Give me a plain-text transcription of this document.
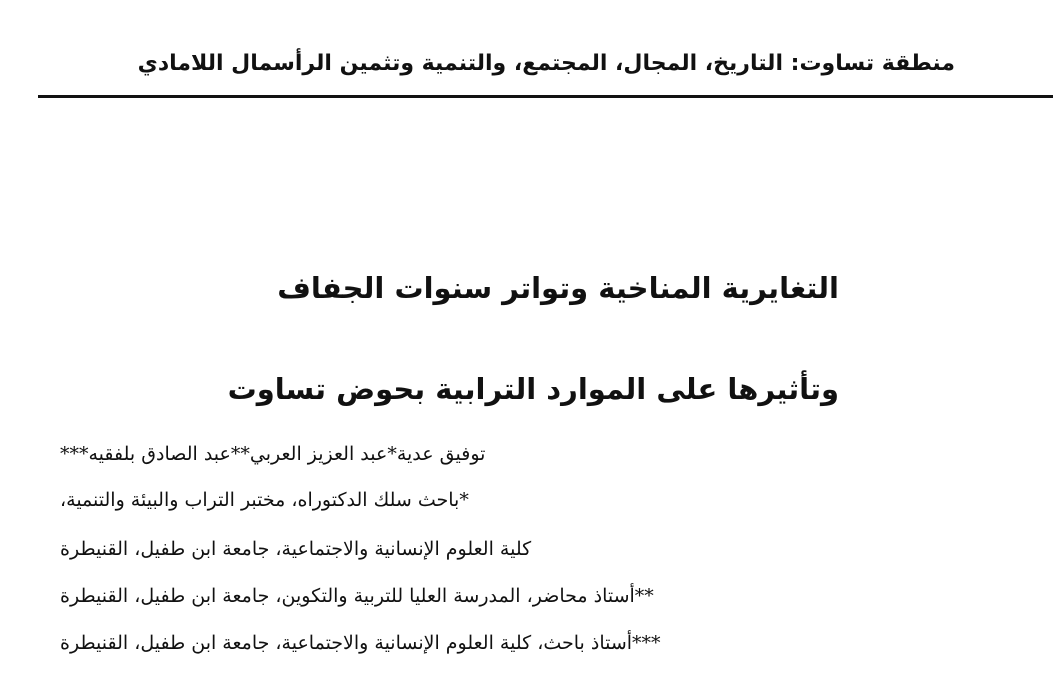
منطقة تساوت: التاريخ، المجال، المجتمع، والتنمية وتثمين الرأسمال اللامادي
التغايرية المناخية وتواتر سنوات الجفاف
وتأثيرها على الموارد الترابية بحوض تساوت
توفيق عدية*عبد العزيز العربي**عبد الصادق بلفقيه***
*باحث سلك الدكتوراه، مختبر التراب والبيئة والتنمية،
كلية العلوم الإنسانية والاجتماعية، جامعة ابن طفيل، القنيطرة
**أستاذ محاضر، المدرسة العليا للتربية والتكوين، جامعة ابن طفيل، القنيطرة
***أستاذ باحث، كلية العلوم الإنسانية والاجتماعية، جامعة ابن طفيل، القنيطرة
